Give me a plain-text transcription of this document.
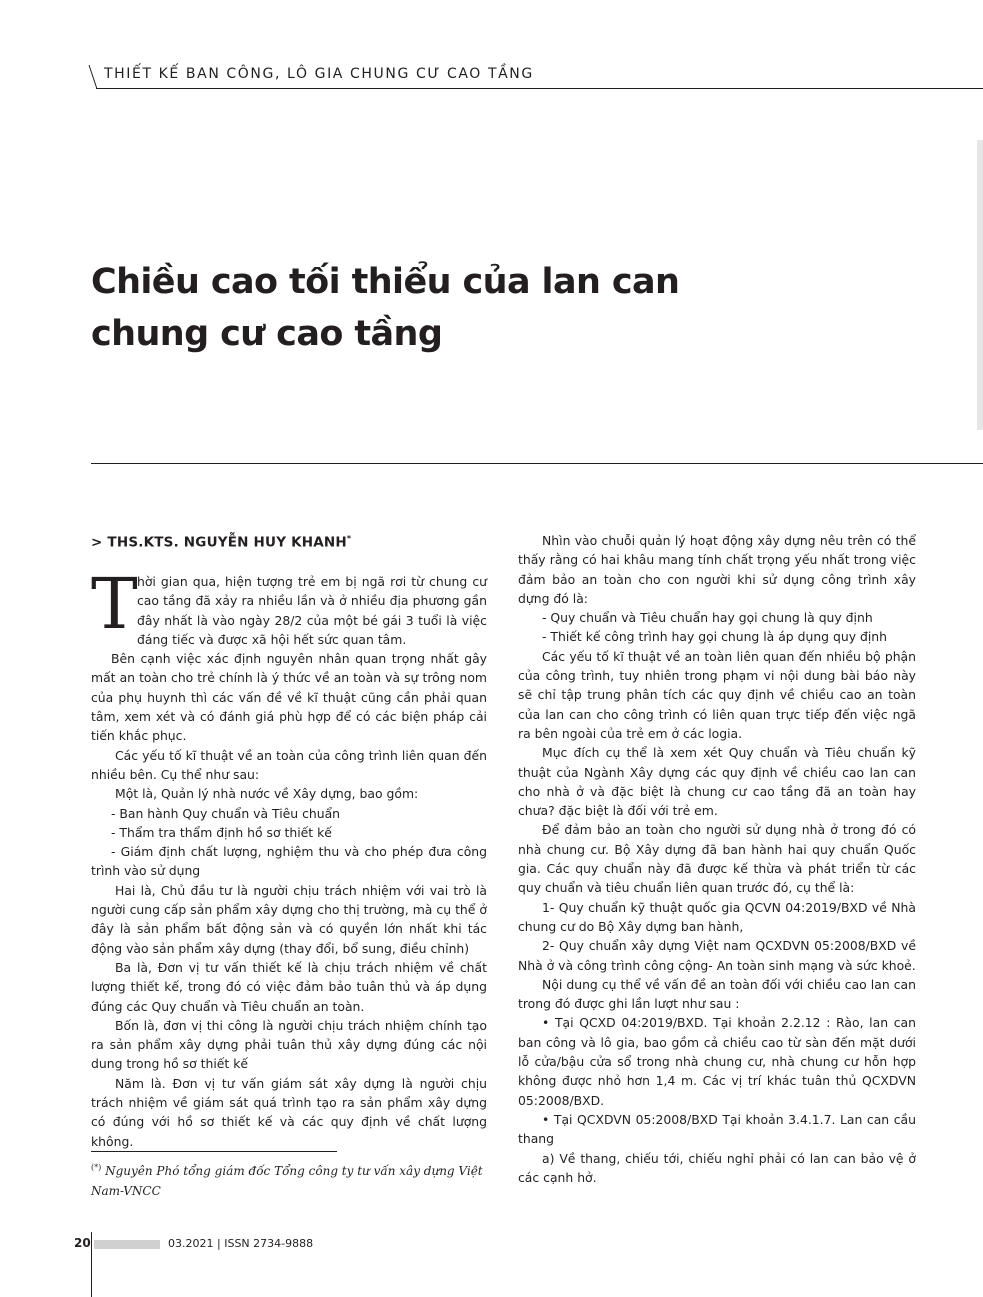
THIẾT KẾ BAN CÔNG, LÔ GIA CHUNG CƯ CAO TẦNG
Chiều cao tối thiểu của lan can
chung cư cao tầng
> THS.KTS. NGUYỄN HUY KHANH*

Thời gian qua, hiện tượng trẻ em bị ngã rơi từ chung cư cao tầng đã xảy ra nhiều lần và ở nhiều địa phương gần đây nhất là vào ngày 28/2 của một bé gái 3 tuổi là việc đáng tiếc và được xã hội hết sức quan tâm.

Bên cạnh việc xác định nguyên nhân quan trọng nhất gây mất an toàn cho trẻ chính là ý thức về an toàn và sự trông nom của phụ huynh thì các vấn đề về kĩ thuật cũng cần phải quan tâm, xem xét và có đánh giá phù hợp để có các biện pháp cải tiến khắc phục.

Các yếu tố kĩ thuật về an toàn của công trình liên quan đến nhiều bên. Cụ thể như sau:

Một là, Quản lý nhà nước về Xây dựng, bao gồm:

- Ban hành Quy chuẩn và Tiêu chuẩn

- Thẩm tra thẩm định hồ sơ thiết kế

- Giám định chất lượng, nghiệm thu và cho phép đưa công trình vào sử dụng

Hai là, Chủ đầu tư là người chịu trách nhiệm với vai trò là người cung cấp sản phẩm xây dựng cho thị trường, mà cụ thể ở đây là sản phẩm bất động sản và có quyền lớn nhất khi tác động vào sản phẩm xây dựng (thay đổi, bổ sung, điều chỉnh)

Ba là, Đơn vị tư vấn thiết kế là chịu trách nhiệm về chất lượng thiết kế, trong đó có việc đảm bảo tuân thủ và áp dụng đúng các Quy chuẩn và Tiêu chuẩn an toàn.

Bốn là, đơn vị thi công là người chịu trách nhiệm chính tạo ra sản phẩm xây dựng phải tuân thủ xây dựng đúng các nội dung trong hồ sơ thiết kế

Năm là. Đơn vị tư vấn giám sát xây dựng là người chịu trách nhiệm về giám sát quá trình tạo ra sản phẩm xây dựng có đúng với hồ sơ thiết kế và các quy định về chất lượng không.

(*) Nguyên Phó tổng giám đốc Tổng công ty tư vấn xây dựng Việt Nam-VNCC

Nhìn vào chuỗi quản lý hoạt động xây dựng nêu trên có thể thấy rằng có hai khâu mang tính chất trọng yếu nhất trong việc đảm bảo an toàn cho con người khi sử dụng công trình xây dựng đó là:

- Quy chuẩn và Tiêu chuẩn hay gọi chung là quy định

- Thiết kế công trình hay gọi chung là áp dụng quy định

Các yếu tố kĩ thuật về an toàn liên quan đến nhiều bộ phận của công trình, tuy nhiên trong phạm vi nội dung bài báo này sẽ chỉ tập trung phân tích các quy định về chiều cao an toàn của lan can cho công trình có liên quan trực tiếp đến việc ngã ra bên ngoài của trẻ em ở các logia.

Mục đích cụ thể là xem xét Quy chuẩn và Tiêu chuẩn kỹ thuật của Ngành Xây dựng các quy định về chiều cao lan can cho nhà ở và đặc biệt là chung cư cao tầng đã an toàn hay chưa? đặc biệt là đối với trẻ em.

Để đảm bảo an toàn cho người sử dụng nhà ở trong đó có nhà chung cư. Bộ Xây dựng đã ban hành hai quy chuẩn Quốc gia. Các quy chuẩn này đã được kế thừa và phát triển từ các quy chuẩn và tiêu chuẩn liên quan trước đó, cụ thể là:

1- Quy chuẩn kỹ thuật quốc gia QCVN 04:2019/BXD về Nhà chung cư do Bộ Xây dựng ban hành,

2- Quy chuẩn xây dựng Việt nam QCXDVN 05:2008/BXD về Nhà ở và công trình công cộng- An toàn sinh mạng và sức khoẻ.

Nội dung cụ thể về vấn đề an toàn đối với chiều cao lan can trong đó được ghi lần lượt như sau :

• Tại QCXD 04:2019/BXD. Tại khoản 2.2.12 : Rào, lan can ban công và lô gia, bao gồm cả chiều cao từ sàn đến mặt dưới lỗ cửa/bậu cửa sổ trong nhà chung cư, nhà chung cư hỗn hợp không được nhỏ hơn 1,4 m. Các vị trí khác tuân thủ QCXDVN 05:2008/BXD.

• Tại QCXDVN 05:2008/BXD Tại khoản 3.4.1.7. Lan can cầu thang

a) Về thang, chiếu tới, chiếu nghỉ phải có lan can bảo vệ ở các cạnh hở.

20	03.2021 | ISSN 2734-9888
